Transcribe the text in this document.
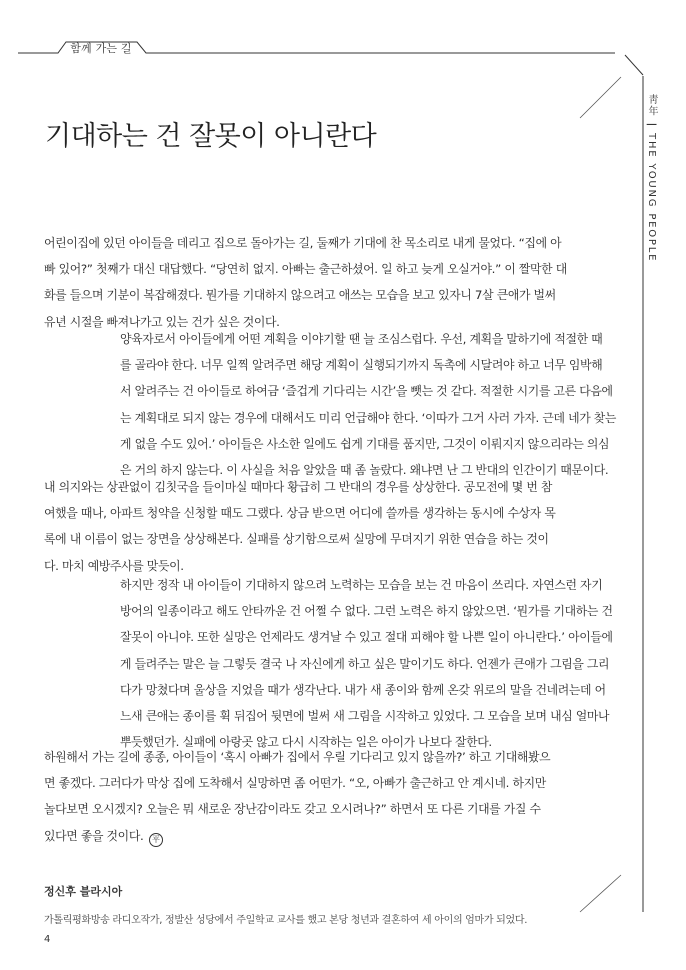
함께 가는 길
靑年 | THE YOUNG PEOPLE
기대하는 건 잘못이 아니란다
어린이집에 있던 아이들을 데리고 집으로 돌아가는 길, 둘째가 기대에 찬 목소리로 내게 물었다. “집에 아
빠 있어?” 첫째가 대신 대답했다. “당연히 없지. 아빠는 출근하셨어. 일 하고 늦게 오실거야.” 이 짤막한 대
화를 들으며 기분이 복잡해졌다. 뭔가를 기대하지 않으려고 애쓰는 모습을 보고 있자니 7살 큰애가 벌써
유년 시절을 빠져나가고 있는 건가 싶은 것이다.
양육자로서 아이들에게 어떤 계획을 이야기할 땐 늘 조심스럽다. 우선, 계획을 말하기에 적절한 때
를 골라야 한다. 너무 일찍 알려주면 해당 계획이 실행되기까지 독촉에 시달려야 하고 너무 임박해
서 알려주는 건 아이들로 하여금 ‘즐겁게 기다리는 시간’을 뺏는 것 같다. 적절한 시기를 고른 다음에
는 계획대로 되지 않는 경우에 대해서도 미리 언급해야 한다. ‘이따가 그거 사러 가자. 근데 네가 찾는
게 없을 수도 있어.’ 아이들은 사소한 일에도 쉽게 기대를 품지만, 그것이 이뤄지지 않으리라는 의심
은 거의 하지 않는다. 이 사실을 처음 알았을 때 좀 놀랐다. 왜냐면 난 그 반대의 인간이기 때문이다.
내 의지와는 상관없이 김칫국을 들이마실 때마다 황급히 그 반대의 경우를 상상한다. 공모전에 몇 번 참
여했을 때나, 아파트 청약을 신청할 때도 그랬다. 상금 받으면 어디에 쓸까를 생각하는 동시에 수상자 목
록에 내 이름이 없는 장면을 상상해본다. 실패를 상기함으로써 실망에 무뎌지기 위한 연습을 하는 것이
다. 마치 예방주사를 맞듯이.
하지만 정작 내 아이들이 기대하지 않으려 노력하는 모습을 보는 건 마음이 쓰리다. 자연스런 자기
방어의 일종이라고 해도 안타까운 건 어쩔 수 없다. 그런 노력은 하지 않았으면. ‘뭔가를 기대하는 건
잘못이 아니야. 또한 실망은 언제라도 생겨날 수 있고 절대 피해야 할 나쁜 일이 아니란다.’ 아이들에
게 들려주는 말은 늘 그렇듯 결국 나 자신에게 하고 싶은 말이기도 하다. 언젠가 큰애가 그림을 그리
다가 망쳤다며 울상을 지었을 때가 생각난다. 내가 새 종이와 함께 온갖 위로의 말을 건네려는데 어
느새 큰애는 종이를 휙 뒤집어 뒷면에 벌써 새 그림을 시작하고 있었다. 그 모습을 보며 내심 얼마나
뿌듯했던가. 실패에 아랑곳 않고 다시 시작하는 일은 아이가 나보다 잘한다.
하원해서 가는 길에 종종, 아이들이 ‘혹시 아빠가 집에서 우릴 기다리고 있지 않을까?’ 하고 기대해봤으
면 좋겠다. 그러다가 막상 집에 도착해서 실망하면 좀 어떤가. “오, 아빠가 출근하고 안 계시네. 하지만
놀다보면 오시겠지? 오늘은 뭐 새로운 장난감이라도 갖고 오시려나?” 하면서 또 다른 기대를 가질 수
있다면 좋을 것이다. 平
정신후 블라시아
가톨릭평화방송 라디오작가, 정발산 성당에서 주일학교 교사를 했고 본당 청년과 결혼하여 세 아이의 엄마가 되었다.
4
